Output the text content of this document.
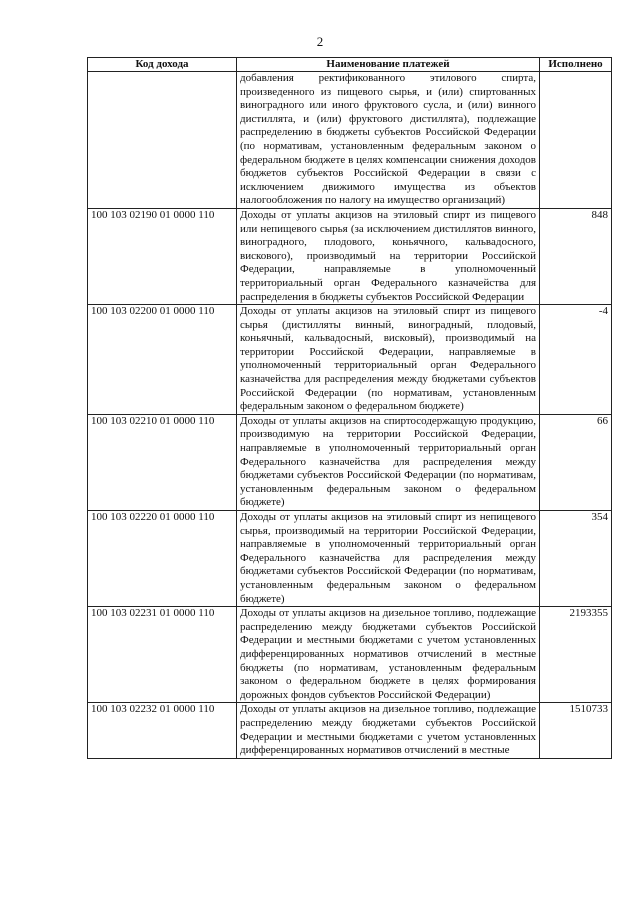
2
Код дохода	Наименование платежей	Исполнено
	добавления ректификованного этилового спирта, произведенного из пищевого сырья, и (или) спиртованных виноградного или иного фруктового сусла, и (или) винного дистиллята, и (или) фруктового дистиллята), подлежащие распределению в бюджеты субъектов Российской Федерации (по нормативам, установленным федеральным законом о федеральном бюджете в целях компенсации снижения доходов бюджетов субъектов Российской Федерации в связи с исключением движимого имущества из объектов налогообложения по налогу на имущество организаций)	
100 103 02190 01 0000 110	Доходы от уплаты акцизов на этиловый спирт из пищевого или непищевого сырья (за исключением дистиллятов винного, виноградного, плодового, коньячного, кальвадосного, вискового), производимый на территории Российской Федерации, направляемые в уполномоченный территориальный орган Федерального казначейства для распределения в бюджеты субъектов Российской Федерации	848
100 103 02200 01 0000 110	Доходы от уплаты акцизов на этиловый спирт из пищевого сырья (дистилляты винный, виноградный, плодовый, коньячный, кальвадосный, висковый), производимый на территории Российской Федерации, направляемые в уполномоченный территориальный орган Федерального казначейства для распределения между бюджетами субъектов Российской Федерации (по нормативам, установленным федеральным законом о федеральном бюджете)	-4
100 103 02210 01 0000 110	Доходы от уплаты акцизов на спиртосодержащую продукцию, производимую на территории Российской Федерации, направляемые в уполномоченный территориальный орган Федерального казначейства для распределения между бюджетами субъектов Российской Федерации (по нормативам, установленным федеральным законом о федеральном бюджете)	66
100 103 02220 01 0000 110	Доходы от уплаты акцизов на этиловый спирт из непищевого сырья, производимый на территории Российской Федерации, направляемые в уполномоченный территориальный орган Федерального казначейства для распределения между бюджетами субъектов Российской Федерации (по нормативам, установленным федеральным законом о федеральном бюджете)	354
100 103 02231 01 0000 110	Доходы от уплаты акцизов на дизельное топливо, подлежащие распределению между бюджетами субъектов Российской Федерации и местными бюджетами с учетом установленных дифференцированных нормативов отчислений в местные бюджеты (по нормативам, установленным федеральным законом о федеральном бюджете в целях формирования дорожных фондов субъектов Российской Федерации)	2193355
100 103 02232 01 0000 110	Доходы от уплаты акцизов на дизельное топливо, подлежащие распределению между бюджетами субъектов Российской Федерации и местными бюджетами с учетом установленных дифференцированных нормативов отчислений в местные	1510733
